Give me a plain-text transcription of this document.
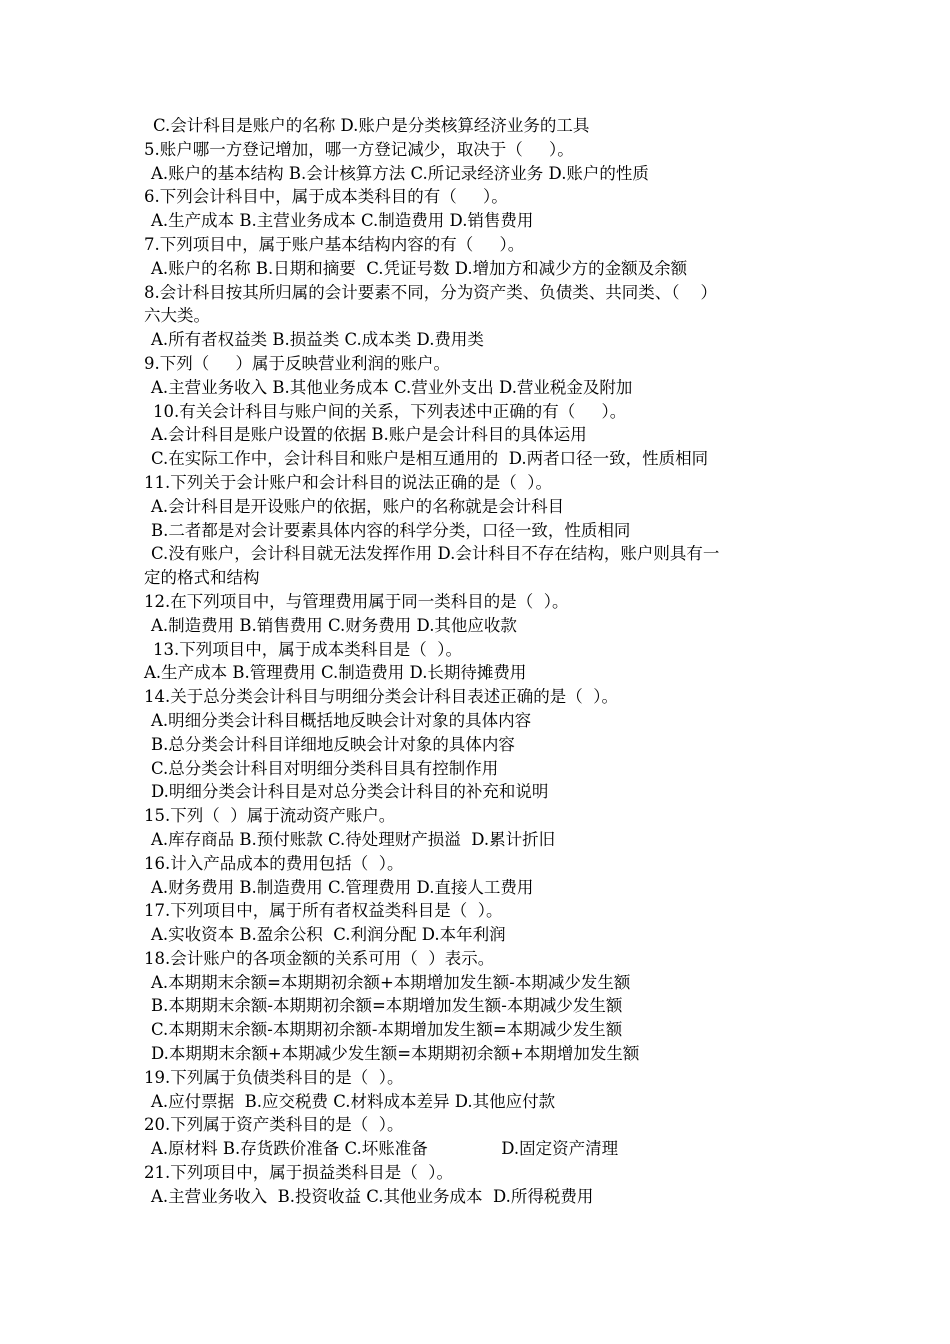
C.会计科目是账户的名称 D.账户是分类核算经济业务的工具
5.账户哪一方登记增加，哪一方登记减少，取决于（     ）。
A.账户的基本结构 B.会计核算方法 C.所记录经济业务 D.账户的性质
6.下列会计科目中，属于成本类科目的有（     ）。
A.生产成本 B.主营业务成本 C.制造费用 D.销售费用
7.下列项目中，属于账户基本结构内容的有（     ）。
A.账户的名称 B.日期和摘要  C.凭证号数 D.增加方和减少方的金额及余额
8.会计科目按其所归属的会计要素不同，分为资产类、负债类、共同类、（    ）
六大类。
A.所有者权益类 B.损益类 C.成本类 D.费用类
9.下列（     ）属于反映营业利润的账户。
A.主营业务收入 B.其他业务成本 C.营业外支出 D.营业税金及附加
10.有关会计科目与账户间的关系，下列表述中正确的有（     ）。
A.会计科目是账户设置的依据 B.账户是会计科目的具体运用
C.在实际工作中，会计科目和账户是相互通用的  D.两者口径一致，性质相同
11.下列关于会计账户和会计科目的说法正确的是（  ）。
A.会计科目是开设账户的依据，账户的名称就是会计科目
B.二者都是对会计要素具体内容的科学分类，口径一致，性质相同
C.没有账户，会计科目就无法发挥作用 D.会计科目不存在结构，账户则具有一
定的格式和结构
12.在下列项目中，与管理费用属于同一类科目的是（  ）。
A.制造费用 B.销售费用 C.财务费用 D.其他应收款
13.下列项目中，属于成本类科目是（  ）。
A.生产成本 B.管理费用 C.制造费用 D.长期待摊费用
14.关于总分类会计科目与明细分类会计科目表述正确的是（  ）。
A.明细分类会计科目概括地反映会计对象的具体内容
B.总分类会计科目详细地反映会计对象的具体内容
C.总分类会计科目对明细分类科目具有控制作用
D.明细分类会计科目是对总分类会计科目的补充和说明
15.下列（  ）属于流动资产账户。
A.库存商品 B.预付账款 C.待处理财产损溢  D.累计折旧
16.计入产品成本的费用包括（  ）。
A.财务费用 B.制造费用 C.管理费用 D.直接人工费用
17.下列项目中，属于所有者权益类科目是（  ）。
A.实收资本 B.盈余公积  C.利润分配 D.本年利润
18.会计账户的各项金额的关系可用（  ）表示。
A.本期期末余额=本期期初余额+本期增加发生额-本期减少发生额
B.本期期末余额-本期期初余额=本期增加发生额-本期减少发生额
C.本期期末余额-本期期初余额-本期增加发生额=本期减少发生额
D.本期期末余额+本期减少发生额=本期期初余额+本期增加发生额
19.下列属于负债类科目的是（  ）。
A.应付票据  B.应交税费 C.材料成本差异 D.其他应付款
20.下列属于资产类科目的是（  ）。
A.原材料 B.存货跌价准备 C.坏账准备              D.固定资产清理
21.下列项目中，属于损益类科目是（  ）。
A.主营业务收入  B.投资收益 C.其他业务成本  D.所得税费用
